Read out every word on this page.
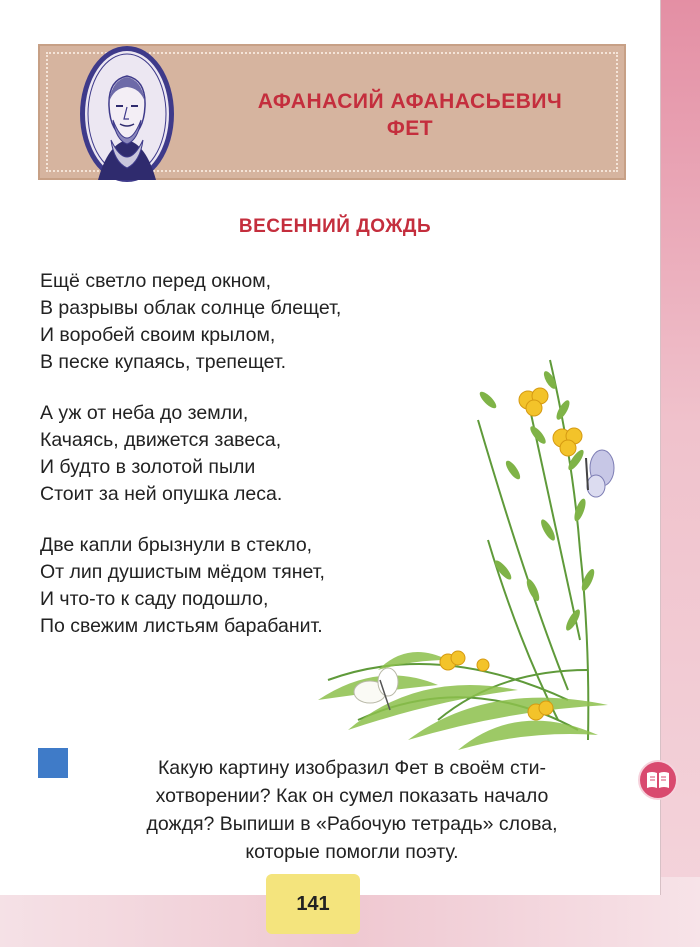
АФАНАСИЙ АФАНАСЬЕВИЧ
ФЕТ
ВЕСЕННИЙ ДОЖДЬ
Ещё светло перед окном,
В разрывы облак солнце блещет,
И воробей своим крылом,
В песке купаясь, трепещет.
А уж от неба до земли,
Качаясь, движется завеса,
И будто в золотой пыли
Стоит за ней опушка леса.
Две капли брызнули в стекло,
От лип душистым мёдом тянет,
И что-то к саду подошло,
По свежим листьям барабанит.
Какую картину изобразил Фет в своём сти-
хотворении? Как он сумел показать начало
дождя? Выпиши в «Рабочую тетрадь» слова,
которые помогли поэту.
141
